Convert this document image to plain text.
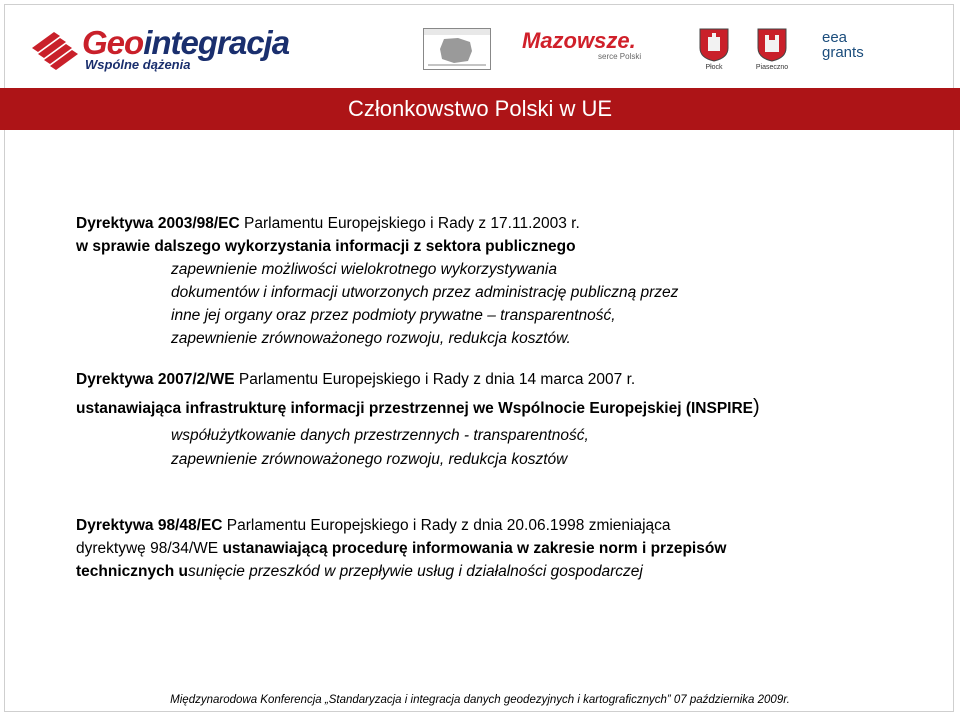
Geointegracja
Wspólne dążenia
Mazowsze.
serce Polski
Płock	Piaseczno
eea
grants
Członkowstwo Polski w UE
Dyrektywa 2003/98/EC Parlamentu Europejskiego i Rady z 17.11.2003 r.
w sprawie dalszego wykorzystania informacji z sektora publicznego
zapewnienie możliwości wielokrotnego wykorzystywania
dokumentów i informacji utworzonych przez administrację publiczną przez
inne jej organy oraz przez podmioty prywatne – transparentność,
zapewnienie zrównoważonego rozwoju, redukcja kosztów.
Dyrektywa 2007/2/WE Parlamentu Europejskiego i Rady z dnia 14 marca 2007 r.
ustanawiająca infrastrukturę informacji przestrzennej we Wspólnocie Europejskiej (INSPIRE)
współużytkowanie danych przestrzennych - transparentność,
zapewnienie zrównoważonego rozwoju, redukcja kosztów
Dyrektywa 98/48/EC Parlamentu Europejskiego i Rady z dnia 20.06.1998 zmieniająca
dyrektywę 98/34/WE ustanawiającą procedurę informowania w zakresie norm i przepisów
technicznych usunięcie przeszkód w przepływie usług i działalności gospodarczej
Międzynarodowa Konferencja „Standaryzacja i integracja danych geodezyjnych i kartograficznych” 07 października 2009r.
